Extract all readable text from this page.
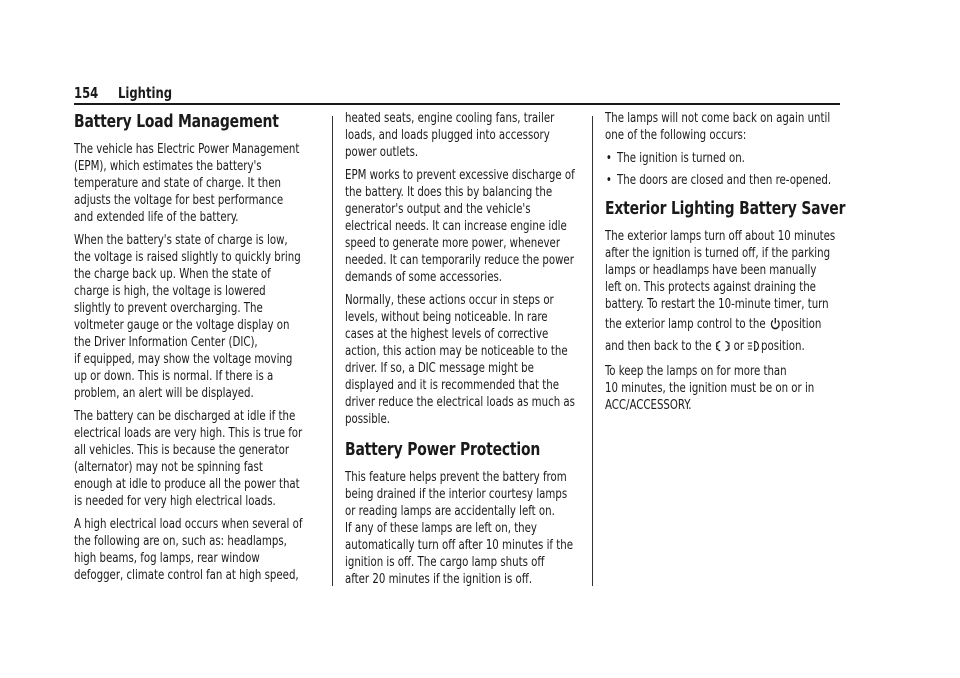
154 Lighting
Battery Load Management

The vehicle has Electric Power Management
(EPM), which estimates the battery's
temperature and state of charge. It then
adjusts the voltage for best performance
and extended life of the battery.

When the battery's state of charge is low,
the voltage is raised slightly to quickly bring
the charge back up. When the state of
charge is high, the voltage is lowered
slightly to prevent overcharging. The
voltmeter gauge or the voltage display on
the Driver Information Center (DIC),
if equipped, may show the voltage moving
up or down. This is normal. If there is a
problem, an alert will be displayed.

The battery can be discharged at idle if the
electrical loads are very high. This is true for
all vehicles. This is because the generator
(alternator) may not be spinning fast
enough at idle to produce all the power that
is needed for very high electrical loads.

A high electrical load occurs when several of
the following are on, such as: headlamps,
high beams, fog lamps, rear window
defogger, climate control fan at high speed,

heated seats, engine cooling fans, trailer
loads, and loads plugged into accessory
power outlets.

EPM works to prevent excessive discharge of
the battery. It does this by balancing the
generator's output and the vehicle's
electrical needs. It can increase engine idle
speed to generate more power, whenever
needed. It can temporarily reduce the power
demands of some accessories.

Normally, these actions occur in steps or
levels, without being noticeable. In rare
cases at the highest levels of corrective
action, this action may be noticeable to the
driver. If so, a DIC message might be
displayed and it is recommended that the
driver reduce the electrical loads as much as
possible.

Battery Power Protection

This feature helps prevent the battery from
being drained if the interior courtesy lamps
or reading lamps are accidentally left on.
If any of these lamps are left on, they
automatically turn off after 10 minutes if the
ignition is off. The cargo lamp shuts off
after 20 minutes if the ignition is off.

The lamps will not come back on again until
one of the following occurs:

• The ignition is turned on.
• The doors are closed and then re-opened.

Exterior Lighting Battery Saver

The exterior lamps turn off about 10 minutes
after the ignition is turned off, if the parking
lamps or headlamps have been manually
left on. This protects against draining the
battery. To restart the 10-minute timer, turn
the exterior lamp control to the position
and then back to the or position.

To keep the lamps on for more than
10 minutes, the ignition must be on or in
ACC/ACCESSORY.
